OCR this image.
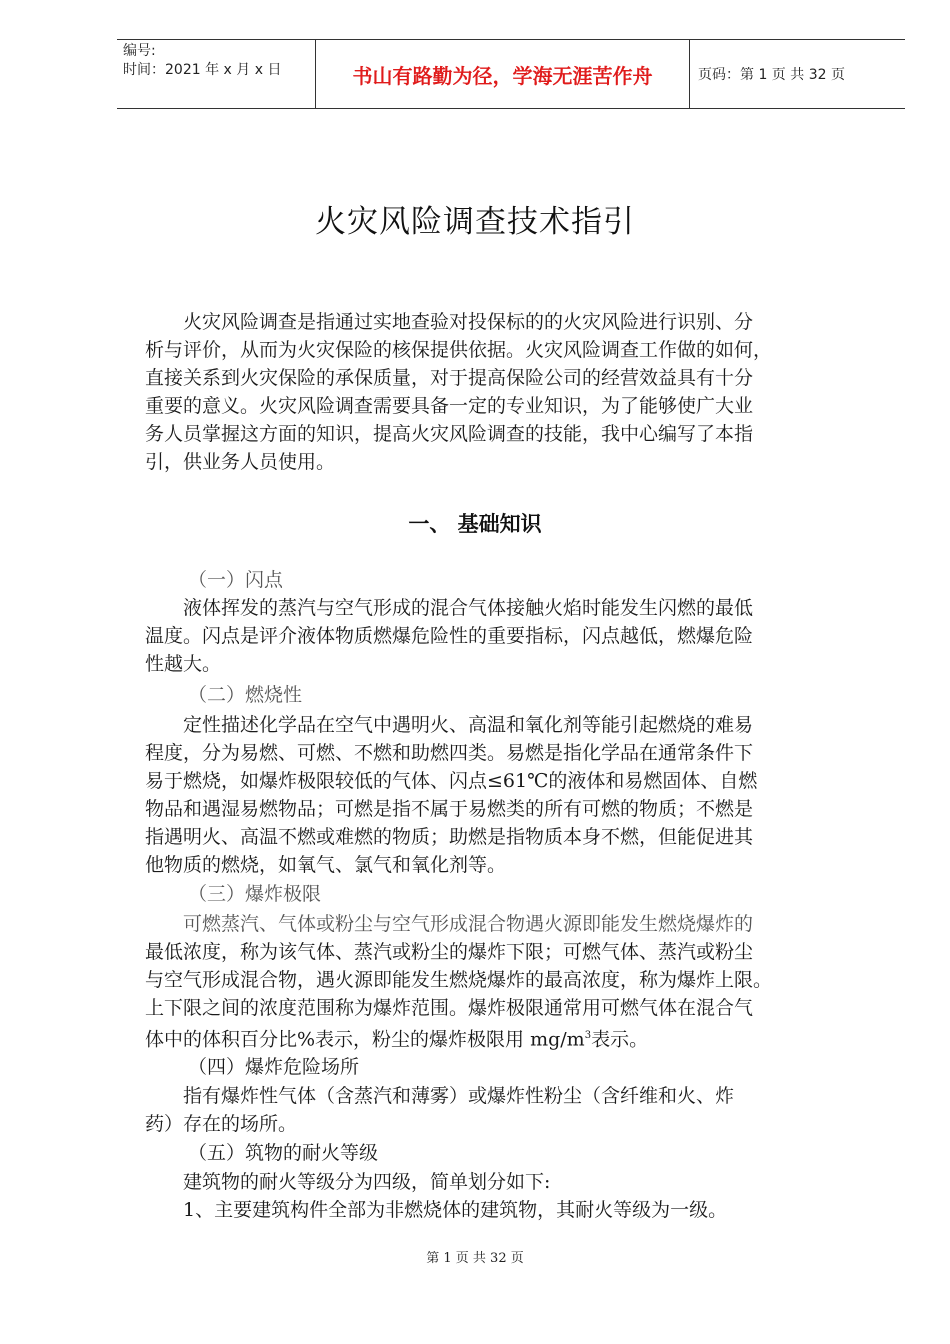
编号:
时间：2021 年 x 月 x 日	书山有路勤为径，学海无涯苦作舟	页码：第 1 页 共 32 页
火灾风险调查技术指引
　　火灾风险调查是指通过实地查验对投保标的的火灾风险进行识别、分
析与评价，从而为火灾保险的核保提供依据。火灾风险调查工作做的如何，
直接关系到火灾保险的承保质量，对于提高保险公司的经营效益具有十分
重要的意义。火灾风险调查需要具备一定的专业知识，为了能够使广大业
务人员掌握这方面的知识，提高火灾风险调查的技能，我中心编写了本指
引，供业务人员使用。
一、 基础知识
（一）闪点
　　液体挥发的蒸汽与空气形成的混合气体接触火焰时能发生闪燃的最低
温度。闪点是评介液体物质燃爆危险性的重要指标，闪点越低，燃爆危险
性越大。
（二）燃烧性
　　定性描述化学品在空气中遇明火、高温和氧化剂等能引起燃烧的难易
程度，分为易燃、可燃、不燃和助燃四类。易燃是指化学品在通常条件下
易于燃烧，如爆炸极限较低的气体、闪点≤61℃的液体和易燃固体、自燃
物品和遇湿易燃物品；可燃是指不属于易燃类的所有可燃的物质；不燃是
指遇明火、高温不燃或难燃的物质；助燃是指物质本身不燃，但能促进其
他物质的燃烧，如氧气、氯气和氧化剂等。
（三）爆炸极限
　　可燃蒸汽、气体或粉尘与空气形成混合物遇火源即能发生燃烧爆炸的
最低浓度，称为该气体、蒸汽或粉尘的爆炸下限；可燃气体、蒸汽或粉尘
与空气形成混合物，遇火源即能发生燃烧爆炸的最高浓度，称为爆炸上限。
上下限之间的浓度范围称为爆炸范围。爆炸极限通常用可燃气体在混合气
体中的体积百分比%表示，粉尘的爆炸极限用 $mg/m^3$表示。
（四）爆炸危险场所
　　指有爆炸性气体（含蒸汽和薄雾）或爆炸性粉尘（含纤维和火、炸
药）存在的场所。
（五）筑物的耐火等级
　　建筑物的耐火等级分为四级，简单划分如下:
　　1、主要建筑构件全部为非燃烧体的建筑物，其耐火等级为一级。
第 1 页 共 32 页
